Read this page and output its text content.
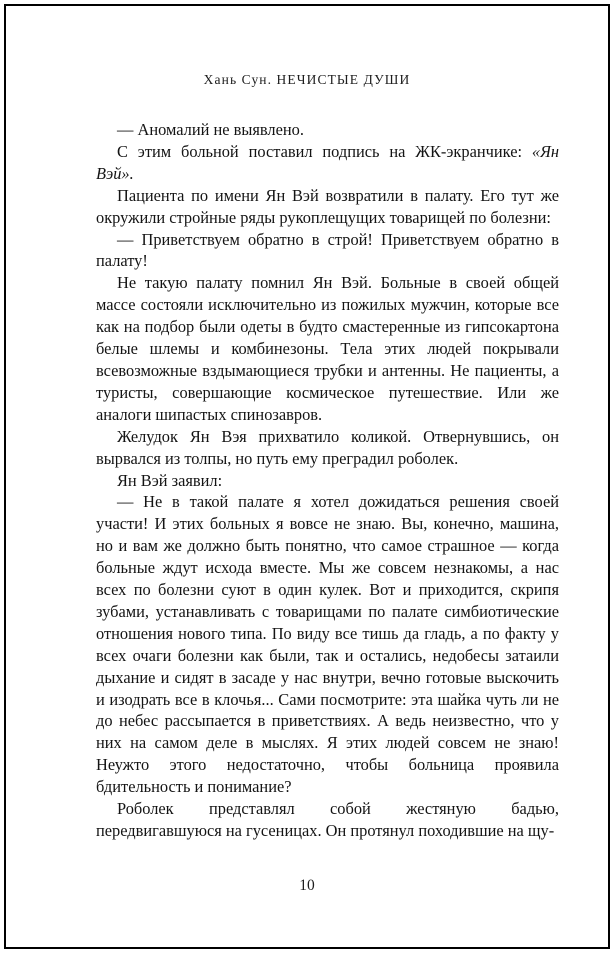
Хань Сун. НЕЧИСТЫЕ ДУШИ

— Аномалий не выявлено.

С этим больной поставил подпись на ЖК-экранчике: «Ян Вэй».

Пациента по имени Ян Вэй возвратили в палату. Его тут же окружили стройные ряды рукоплещущих товарищей по болезни:

— Приветствуем обратно в строй! Приветствуем обратно в палату!

Не такую палату помнил Ян Вэй. Больные в своей общей массе состояли исключительно из пожилых мужчин, которые все как на подбор были одеты в будто смастеренные из гипсокартона белые шлемы и комбинезоны. Тела этих людей покрывали всевозможные вздымающиеся трубки и антенны. Не пациенты, а туристы, совершающие космическое путешествие. Или же аналоги шипастых спинозавров.

Желудок Ян Вэя прихватило коликой. Отвернувшись, он вырвался из толпы, но путь ему преградил роболек.

Ян Вэй заявил:

— Не в такой палате я хотел дожидаться решения своей участи! И этих больных я вовсе не знаю. Вы, конечно, машина, но и вам же должно быть понятно, что самое страшное — когда больные ждут исхода вместе. Мы же совсем незнакомы, а нас всех по болезни суют в один кулек. Вот и приходится, скрипя зубами, устанавливать с товарищами по палате симбиотические отношения нового типа. По виду все тишь да гладь, а по факту у всех очаги болезни как были, так и остались, недобесы затаили дыхание и сидят в засаде у нас внутри, вечно готовые выскочить и изодрать все в клочья... Сами посмотрите: эта шайка чуть ли не до небес рассыпается в приветствиях. А ведь неизвестно, что у них на самом деле в мыслях. Я этих людей совсем не знаю! Неужто этого недостаточно, чтобы больница проявила бдительность и понимание?

Роболек представлял собой жестяную бадью, передвигавшуюся на гусеницах. Он протянул походившие на щу-

10
